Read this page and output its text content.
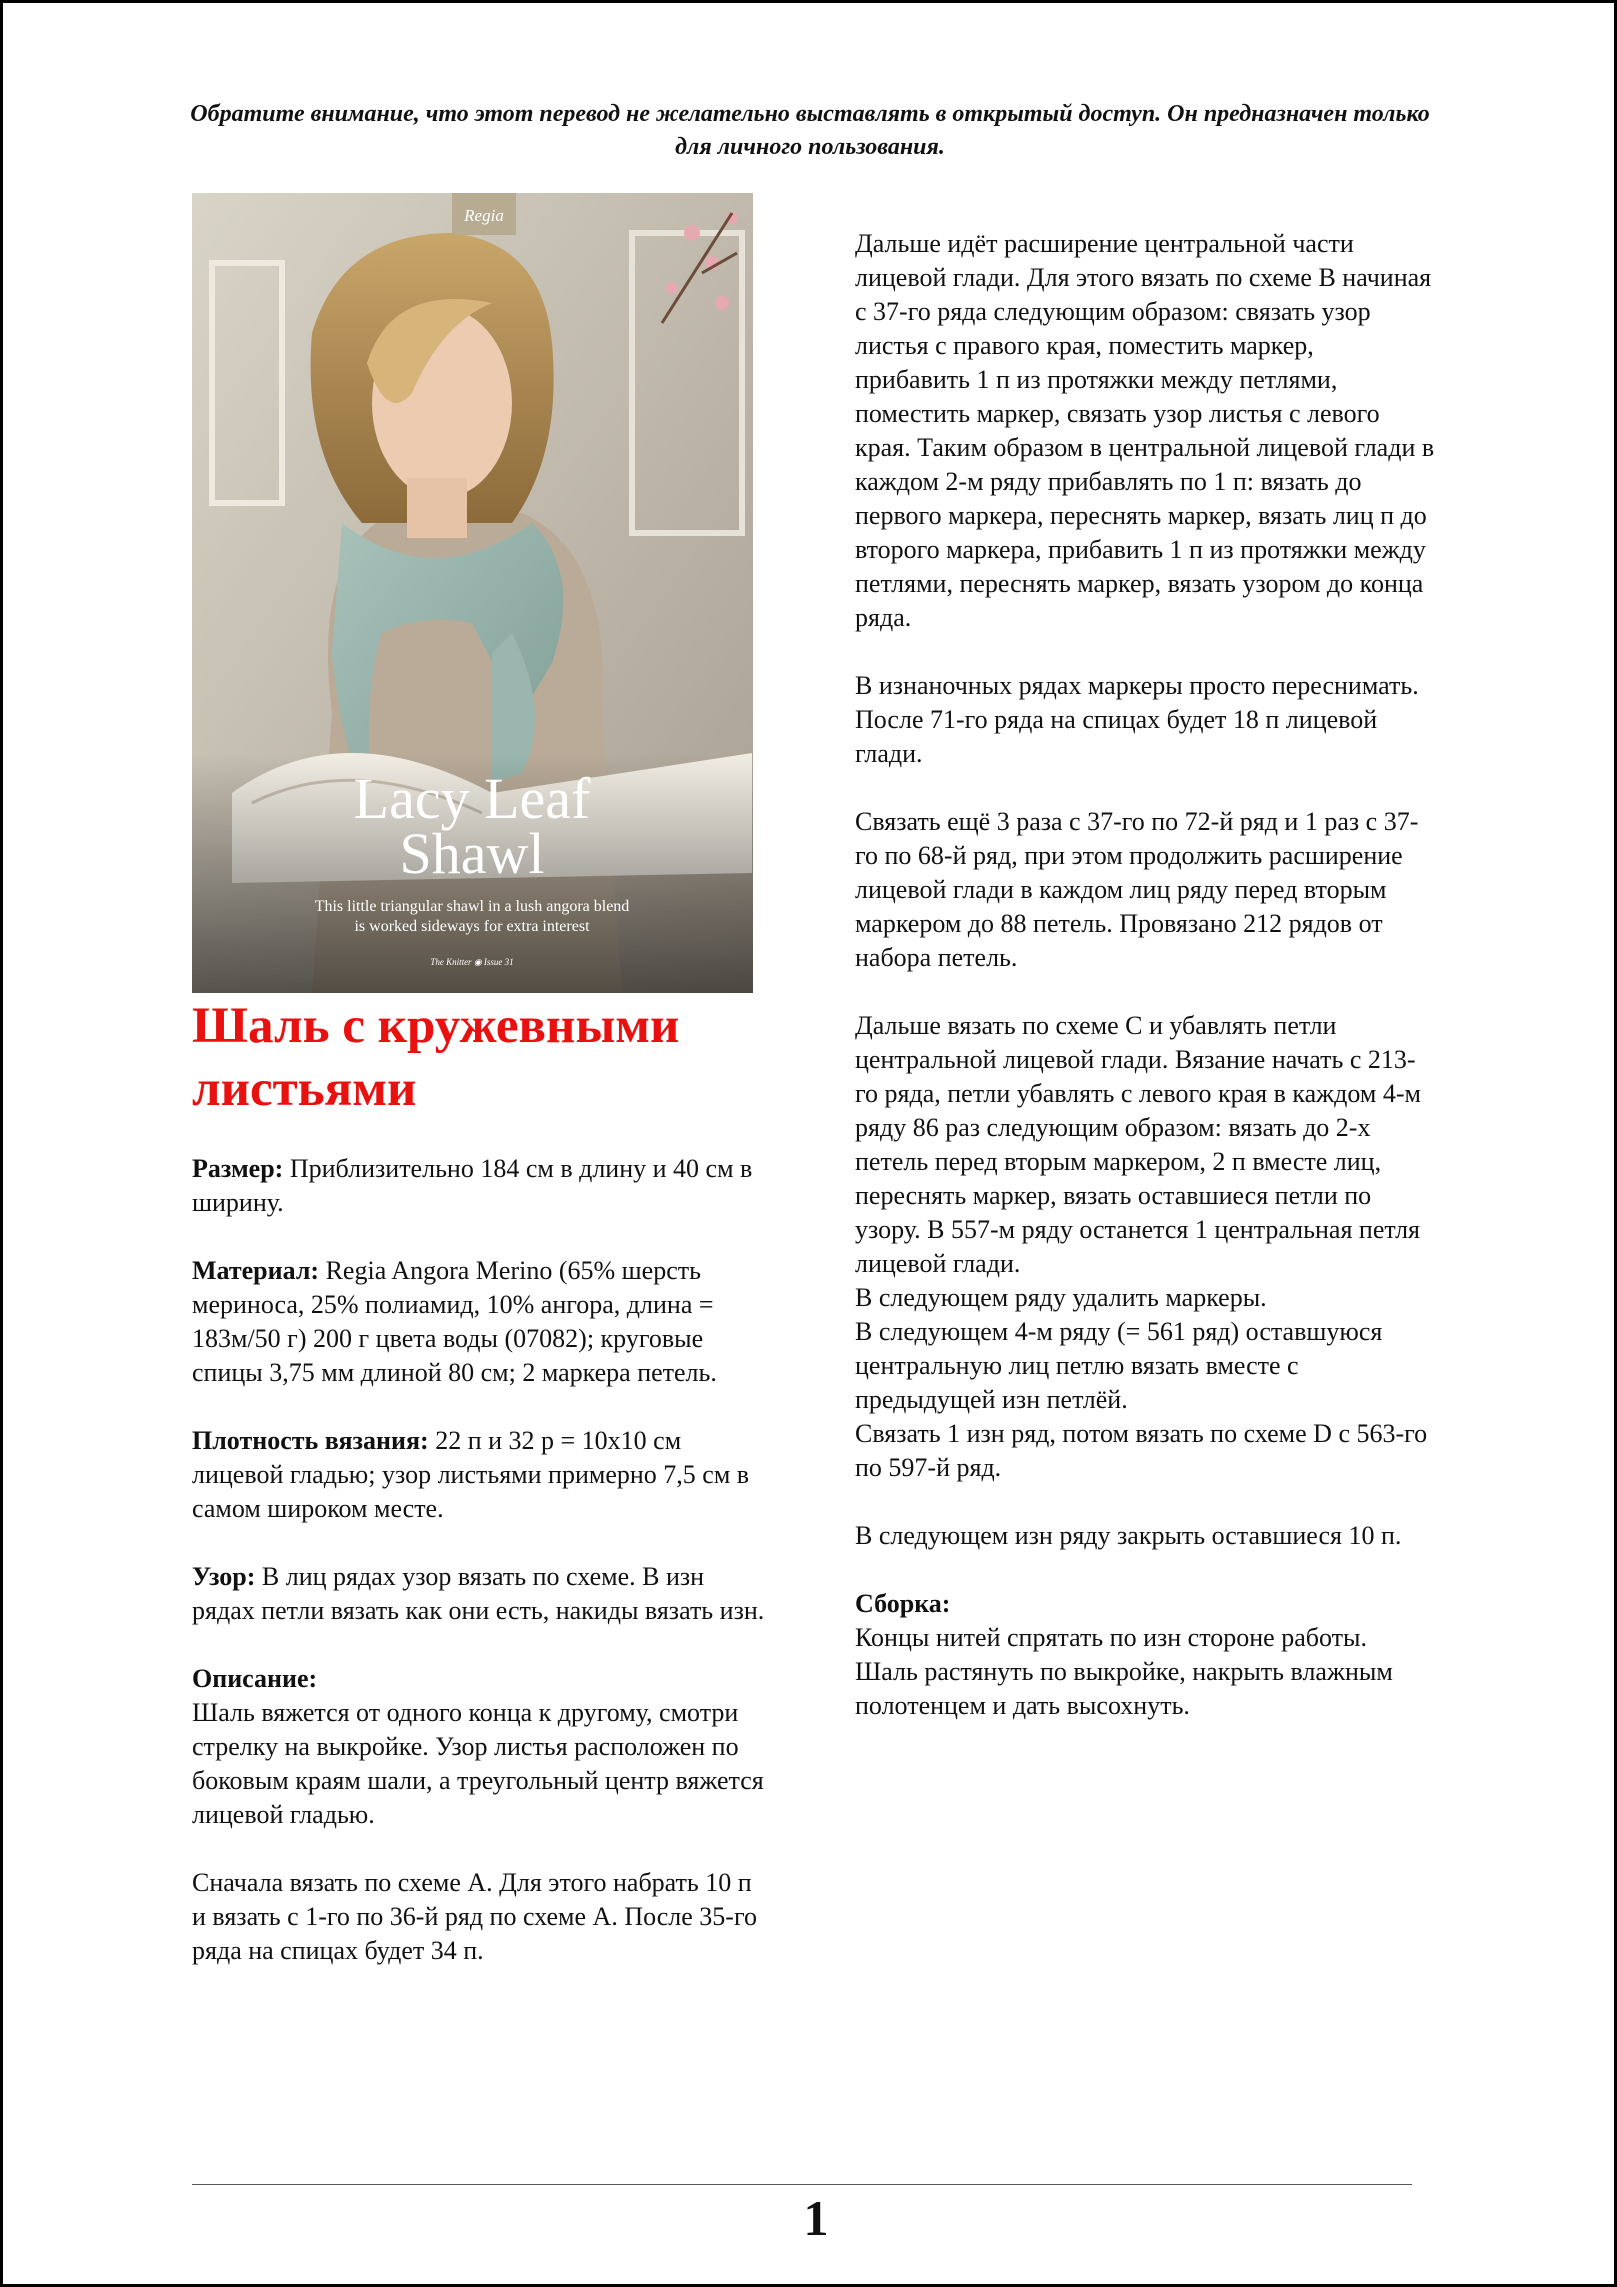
Обратите внимание, что этот перевод не желательно выставлять в открытый доступ. Он предназначен только для личного пользования.
Regia
Lacy Leaf
Shawl
This little triangular shawl in a lush angora blend
is worked sideways for extra interest
The Knitter ◉ Issue 31
Шаль с кружевными листьями

Размер: Приблизительно 184 см в длину и 40 см в ширину.

Материал: Regia Angora Merino (65% шерсть мериноса, 25% полиамид, 10% ангора, длина = 183м/50 г) 200 г цвета воды (07082); круговые спицы 3,75 мм длиной 80 см; 2 маркера петель.

Плотность вязания: 22 п и 32 р = 10х10 см лицевой гладью; узор листьями примерно 7,5 см в самом широком месте.

Узор: В лиц рядах узор вязать по схеме. В изн рядах петли вязать как они есть, накиды вязать изн.

Описание:

Шаль вяжется от одного конца к другому, смотри стрелку на выкройке. Узор листья расположен по боковым краям шали, а треугольный центр вяжется лицевой гладью.

Сначала вязать по схеме А. Для этого набрать 10 п и вязать с 1-го по 36-й ряд по схеме А. После 35-го ряда на спицах будет 34 п.

Дальше идёт расширение центральной части лицевой глади. Для этого вязать по схеме В начиная с 37-го ряда следующим образом: связать узор листья с правого края, поместить маркер, прибавить 1 п из протяжки между петлями, поместить маркер, связать узор листья с левого края. Таким образом в центральной лицевой глади в каждом 2-м ряду прибавлять по 1 п: вязать до первого маркера, переснять маркер, вязать лиц п до второго маркера, прибавить 1 п из протяжки между петлями, переснять маркер, вязать узором до конца ряда.

В изнаночных рядах маркеры просто переснимать. После 71-го ряда на спицах будет 18 п лицевой глади.

Связать ещё 3 раза с 37-го по 72-й ряд и 1 раз с 37-го по 68-й ряд, при этом продолжить расширение лицевой глади в каждом лиц ряду перед вторым маркером до 88 петель. Провязано 212 рядов от набора петель.

Дальше вязать по схеме С и убавлять петли центральной лицевой глади. Вязание начать с 213-го ряда, петли убавлять с левого края в каждом 4-м ряду 86 раз следующим образом: вязать до 2-х петель перед вторым маркером, 2 п вместе лиц, переснять маркер, вязать оставшиеся петли по узору. В 557-м ряду останется 1 центральная петля лицевой глади.

В следующем ряду удалить маркеры.

В следующем 4-м ряду (= 561 ряд) оставшуюся центральную лиц петлю вязать вместе с предыдущей изн петлёй.

Связать 1 изн ряд, потом вязать по схеме D с 563-го по 597-й ряд.

В следующем изн ряду закрыть оставшиеся 10 п.

Сборка:

Концы нитей спрятать по изн стороне работы. Шаль растянуть по выкройке, накрыть влажным полотенцем и дать высохнуть.

1
